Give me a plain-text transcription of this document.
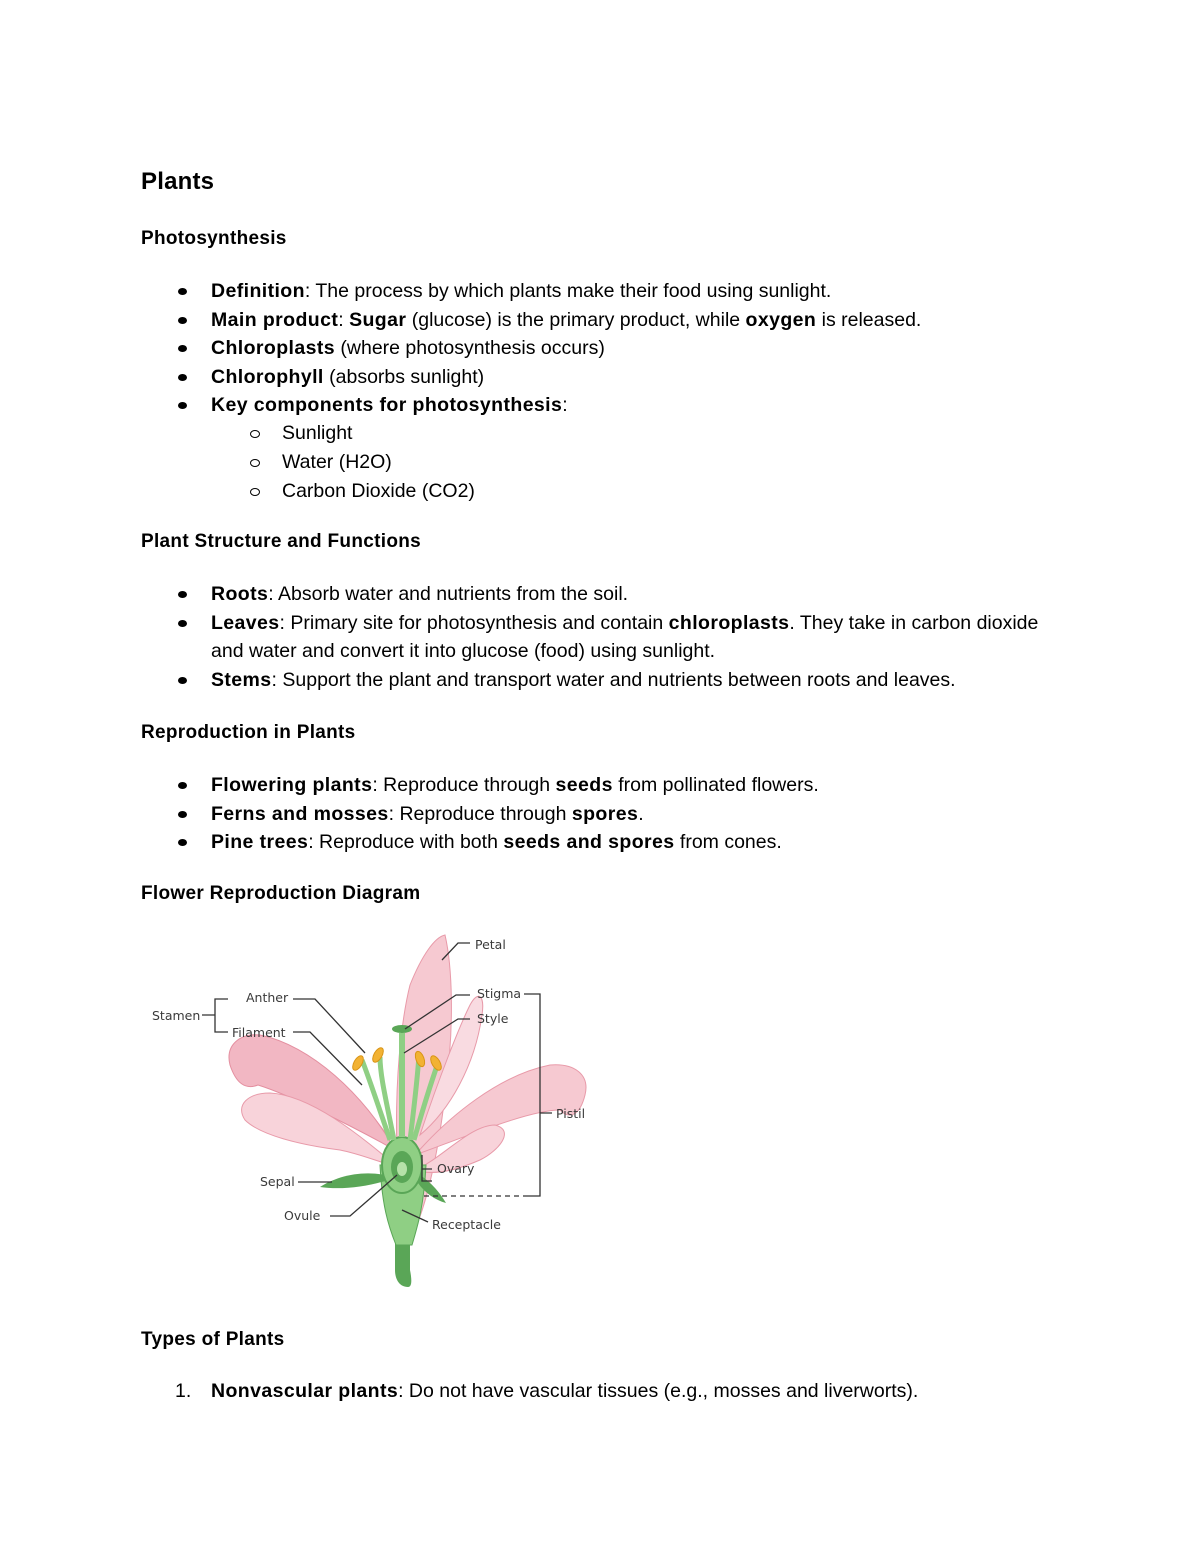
Plants
Photosynthesis
Definition: The process by which plants make their food using sunlight.
Main product: Sugar (glucose) is the primary product, while oxygen is released.
Chloroplasts (where photosynthesis occurs)
Chlorophyll (absorbs sunlight)
Key components for photosynthesis:
Sunlight
Water (H2O)
Carbon Dioxide (CO2)
Plant Structure and Functions
Roots: Absorb water and nutrients from the soil.
Leaves: Primary site for photosynthesis and contain chloroplasts. They take in carbon dioxide and water and convert it into glucose (food) using sunlight.
Stems: Support the plant and transport water and nutrients between roots and leaves.
Reproduction in Plants
Flowering plants: Reproduce through seeds from pollinated flowers.
Ferns and mosses: Reproduce through spores.
Pine trees: Reproduce with both seeds and spores from cones.
Flower Reproduction Diagram
Petal
Stigma
Style
Pistil
Stamen
Anther
Filament
Ovary
Sepal
Ovule
Receptacle
Types of Plants
1. Nonvascular plants: Do not have vascular tissues (e.g., mosses and liverworts).
